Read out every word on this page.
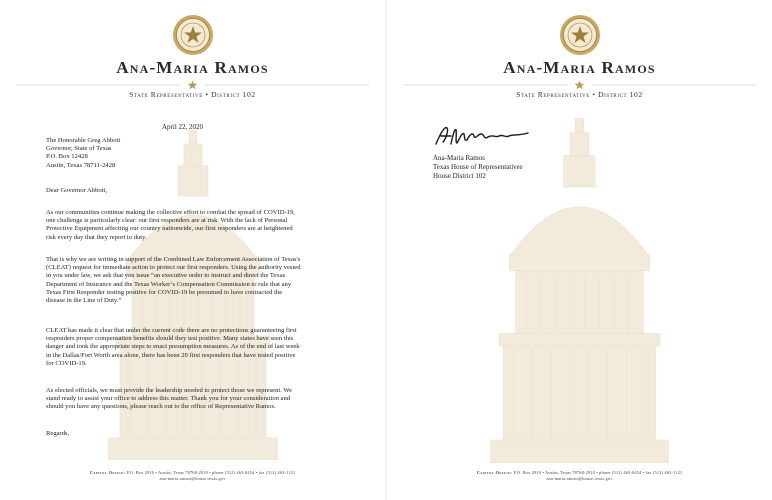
Ana-Maria Ramos
State Representative • District 102
April 22, 2020
The Honorable Greg Abbott
Governor, State of Texas
P.O. Box 12428
Austin, Texas 78711-2428
Dear Governor Abbott,
As our communities continue making the collective effort to combat the spread of COVID-19,
one challenge is particularly clear: our first responders are at risk. With the lack of Personal
Protective Equipment affecting our country nationwide, our first responders are at heightened
risk every day that they report to duty.
That is why we are writing in support of the Combined Law Enforcement Association of Texas's
(CLEAT) request for immediate action to protect our first responders. Using the authority vested
in you under law, we ask that you issue “an executive order to instruct and direct the Texas
Department of Insurance and the Texas Worker’s Compensation Commission to rule that any
Texas First Responder testing positive for COVID-19 be presumed to have contracted the
disease in the Line of Duty.”
CLEAT has made it clear that under the current code there are no protections guaranteeing first
responders proper compensation benefits should they test positive. Many states have seen this
danger and took the appropriate steps to enact presumption measures. As of the end of last week
in the Dallas/Fort Worth area alone, there has been 29 first responders that have tested positive
for COVID-19.
As elected officials, we must provide the leadership needed to protect those we represent. We
stand ready to assist your office to address this matter. Thank you for your consideration and
should you have any questions, please reach out to the office of Representative Ramos.
Regards,
Capitol Office: P.O. Box 2910 • Austin, Texas 78768-2910 • phone (512) 463-0454 • fax (512) 463-1121
ana-maria.ramos@house.texas.gov
Ana-Maria Ramos
State Representative • District 102
Ana-Maria Ramos
Texas House of Representatives
House District 102
Capitol Office: P.O. Box 2910 • Austin, Texas 78768-2910 • phone (512) 463-0454 • fax (512) 463-1121
ana-maria.ramos@house.texas.gov
